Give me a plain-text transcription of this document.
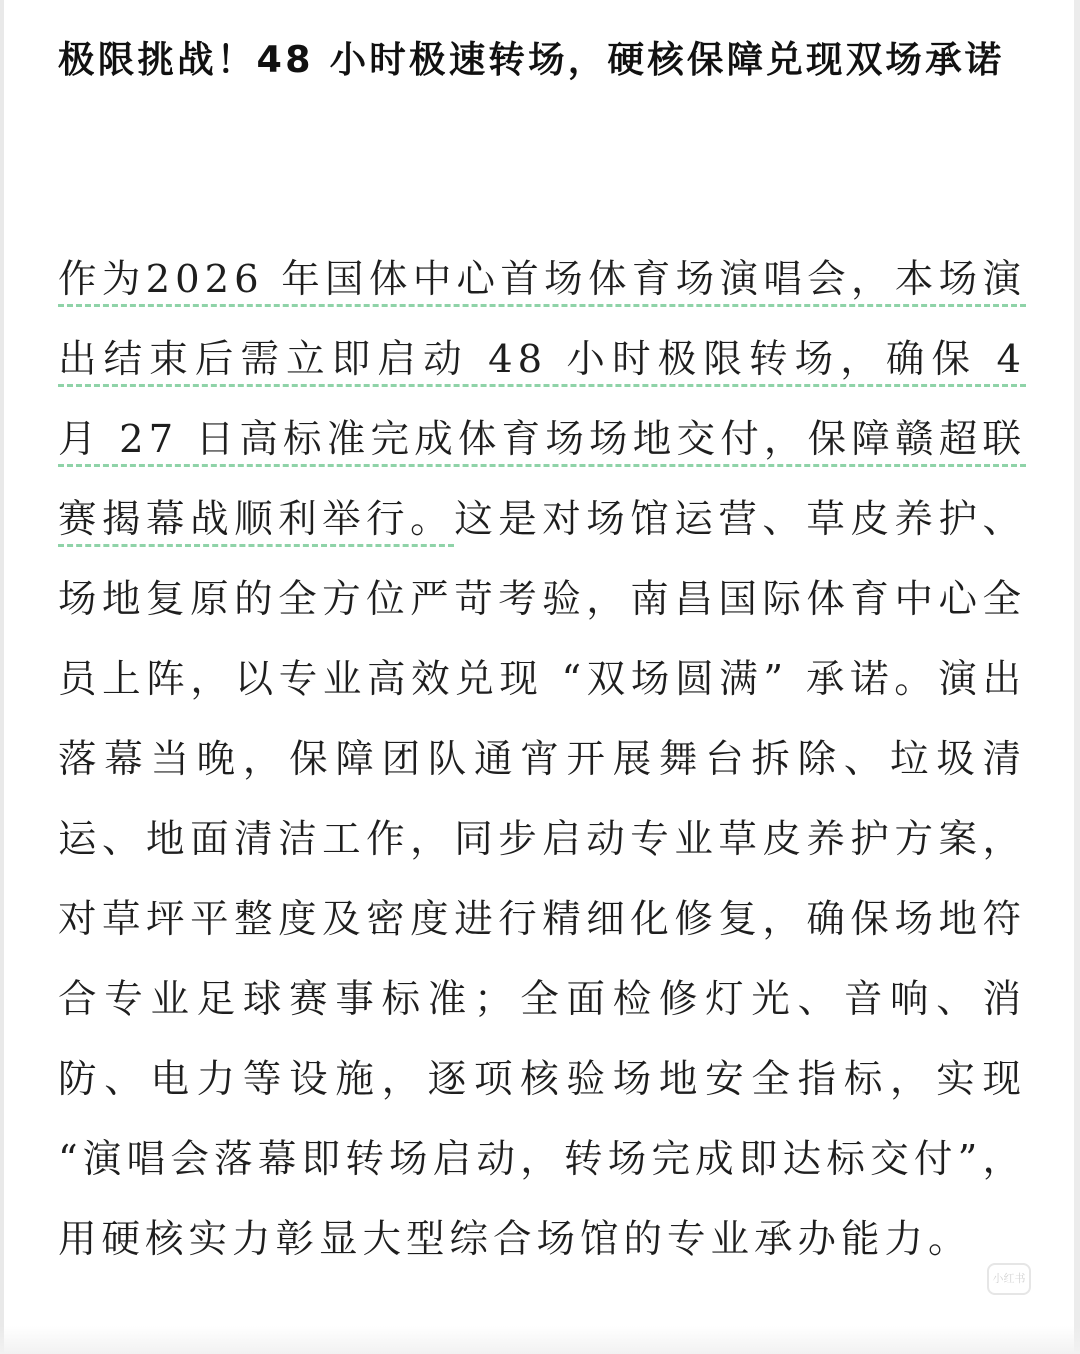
极限挑战！48 小时极速转场，硬核保障兑现双场承诺

作为2026 年国体中心首场体育场演唱会，本场演出结束后需立即启动 48 小时极限转场，确保 4 月 27 日高标准完成体育场场地交付，保障赣超联赛揭幕战顺利举行。这是对场馆运营、草皮养护、场地复原的全方位严苛考验，南昌国际体育中心全员上阵，以专业高效兑现 “双场圆满” 承诺。演出落幕当晚，保障团队通宵开展舞台拆除、垃圾清运、地面清洁工作，同步启动专业草皮养护方案，对草坪平整度及密度进行精细化修复，确保场地符合专业足球赛事标准；全面检修灯光、音响、消防、电力等设施，逐项核验场地安全指标，实现 “演唱会落幕即转场启动，转场完成即达标交付”，用硬核实力彰显大型综合场馆的专业承办能力。

小红书
